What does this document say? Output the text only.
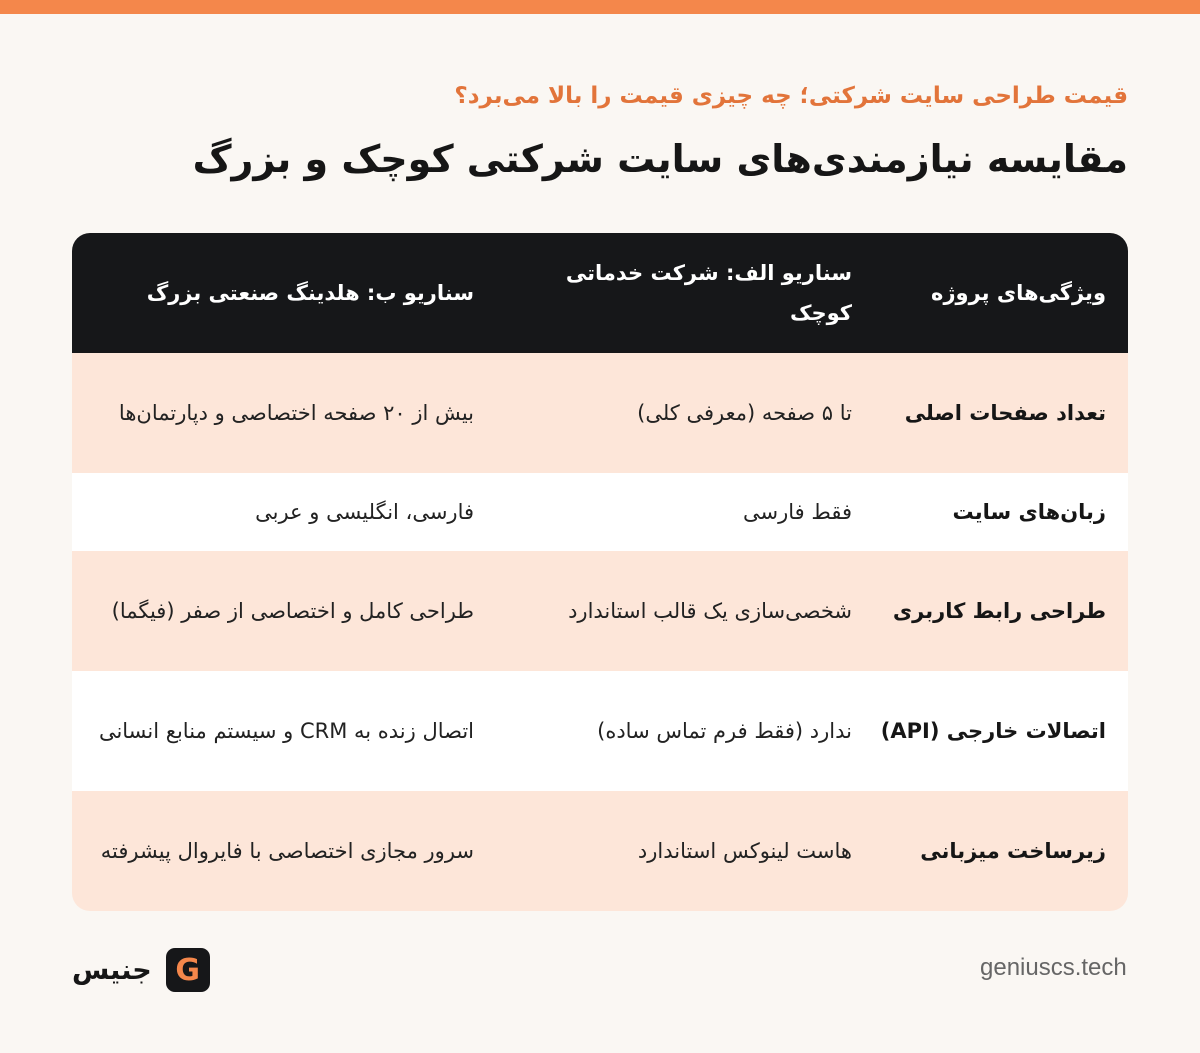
قیمت طراحی سایت شرکتی؛ چه چیزی قیمت را بالا می‌برد؟
مقایسه نیازمندی‌های سایت شرکتی کوچک و بزرگ
ویژگی‌های پروژه
سناریو الف: شرکت خدماتی کوچک
سناریو ب: هلدینگ صنعتی بزرگ
تعداد صفحات اصلی
تا ۵ صفحه (معرفی کلی)
بیش از ۲۰ صفحه اختصاصی و دپارتمان‌ها
زبان‌های سایت
فقط فارسی
فارسی، انگلیسی و عربی
طراحی رابط کاربری
شخصی‌سازی یک قالب استاندارد
طراحی کامل و اختصاصی از صفر (فیگما)
اتصالات خارجی (API)
ندارد (فقط فرم تماس ساده)
اتصال زنده به CRM و سیستم منابع انسانی
زیرساخت میزبانی
هاست لینوکس استاندارد
سرور مجازی اختصاصی با فایروال پیشرفته
جنیس G	geniuscs.tech
